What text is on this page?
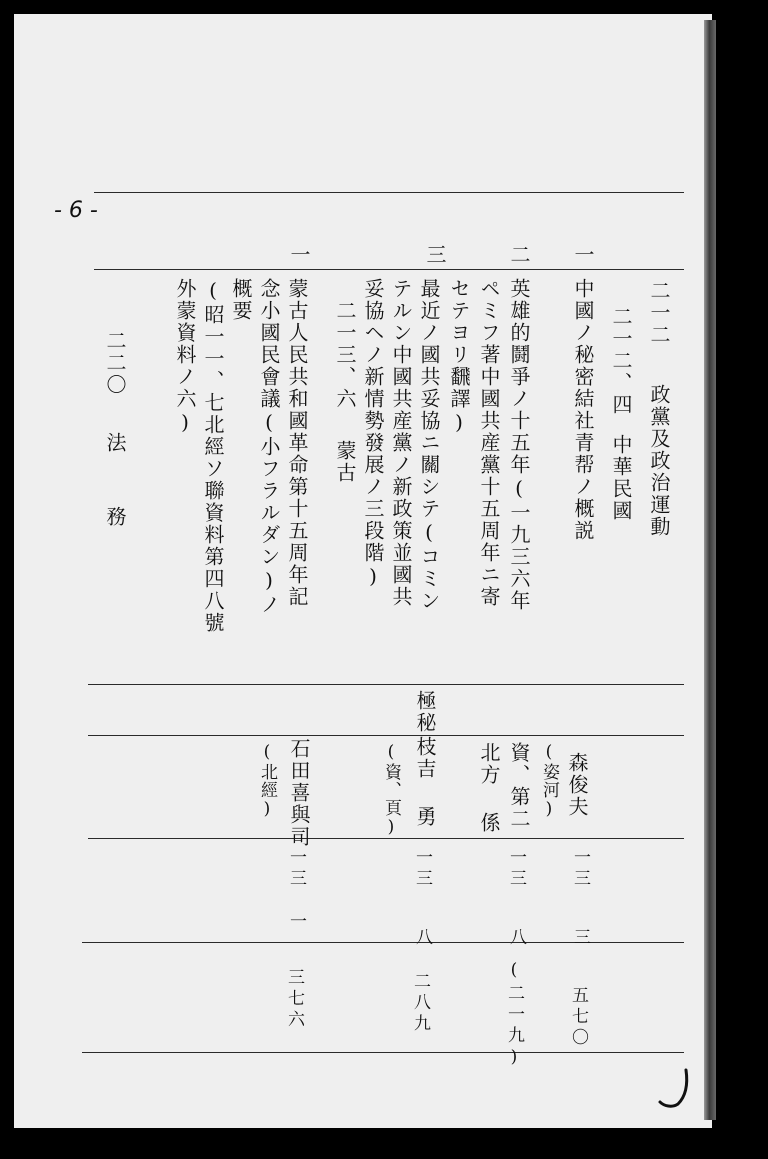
- 6 -
二一二
政黨及政治運動
二一二、四
中華民國
一
中國ノ秘密結社青帮ノ概説
(姿河) 森俊夫
一三
三
五七〇
二
英雄的鬪爭ノ十五年(一九三六年
ペミフ著中國共産黨十五周年ニ寄
セテヨリ飜譯)
資、第二
北方 係
一三
八
(二一九)
三
最近ノ國共妥協ニ關シテ(コミン
テルン中國共産黨ノ新政策並國共
妥協ヘノ新情勢發展ノ三段階)
極秘
枝吉 勇
(資、頁)
一三
八
二八九
二一三、六
蒙古
一
蒙古人民共和國革命第十五周年記
念小國民會議(小フラルダン)ノ
概要
(昭一一、七北經ソ聯資料第四八號
外蒙資料ノ六)
石田喜與司
(北經)
一三
一
三七六
二二〇
法務
